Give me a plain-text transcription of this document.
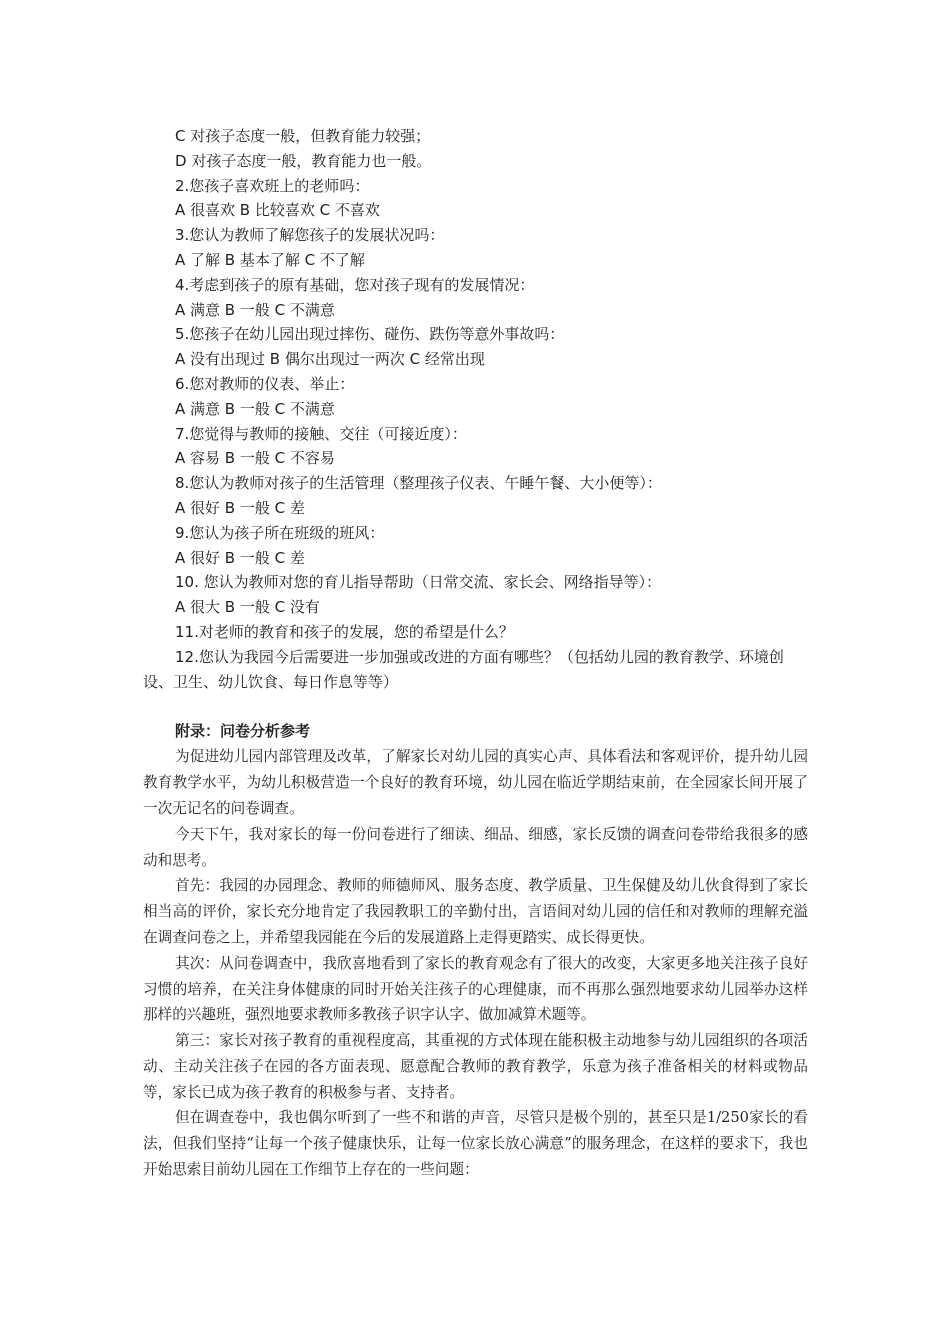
C 对孩子态度一般，但教育能力较强；
D 对孩子态度一般，教育能力也一般。
2.您孩子喜欢班上的老师吗：
A 很喜欢 B 比较喜欢 C 不喜欢
3.您认为教师了解您孩子的发展状况吗：
A 了解 B 基本了解 C 不了解
4.考虑到孩子的原有基础，您对孩子现有的发展情况：
A 满意 B 一般 C 不满意
5.您孩子在幼儿园出现过摔伤、碰伤、跌伤等意外事故吗：
A 没有出现过 B 偶尔出现过一两次 C 经常出现
6.您对教师的仪表、举止：
A 满意 B 一般 C 不满意
7.您觉得与教师的接触、交往（可接近度）：
A 容易 B 一般 C 不容易
8.您认为教师对孩子的生活管理（整理孩子仪表、午睡午餐、大小便等）：
A 很好 B 一般 C 差
9.您认为孩子所在班级的班风：
A 很好 B 一般 C 差
10. 您认为教师对您的育儿指导帮助（日常交流、家长会、网络指导等）：
A 很大 B 一般 C 没有
11.对老师的教育和孩子的发展，您的希望是什么？
12.您认为我园今后需要进一步加强或改进的方面有哪些？（包括幼儿园的教育教学、环境创设、卫生、幼儿饮食、每日作息等等）
附录：问卷分析参考
为促进幼儿园内部管理及改革，了解家长对幼儿园的真实心声、具体看法和客观评价，提升幼儿园教育教学水平，为幼儿积极营造一个良好的教育环境，幼儿园在临近学期结束前，在全园家长间开展了一次无记名的问卷调查。
今天下午，我对家长的每一份问卷进行了细读、细品、细感，家长反馈的调查问卷带给我很多的感动和思考。
首先：我园的办园理念、教师的师德师风、服务态度、教学质量、卫生保健及幼儿伙食得到了家长相当高的评价，家长充分地肯定了我园教职工的辛勤付出，言语间对幼儿园的信任和对教师的理解充溢在调查问卷之上，并希望我园能在今后的发展道路上走得更踏实、成长得更快。
其次：从问卷调查中，我欣喜地看到了家长的教育观念有了很大的改变，大家更多地关注孩子良好习惯的培养，在关注身体健康的同时开始关注孩子的心理健康，而不再那么强烈地要求幼儿园举办这样那样的兴趣班，强烈地要求教师多教孩子识字认字、做加减算术题等。
第三：家长对孩子教育的重视程度高，其重视的方式体现在能积极主动地参与幼儿园组织的各项活动、主动关注孩子在园的各方面表现、愿意配合教师的教育教学，乐意为孩子准备相关的材料或物品等，家长已成为孩子教育的积极参与者、支持者。
但在调查卷中，我也偶尔听到了一些不和谐的声音，尽管只是极个别的，甚至只是1/250家长的看法，但我们坚持“让每一个孩子健康快乐，让每一位家长放心满意”的服务理念，在这样的要求下，我也开始思索目前幼儿园在工作细节上存在的一些问题：
